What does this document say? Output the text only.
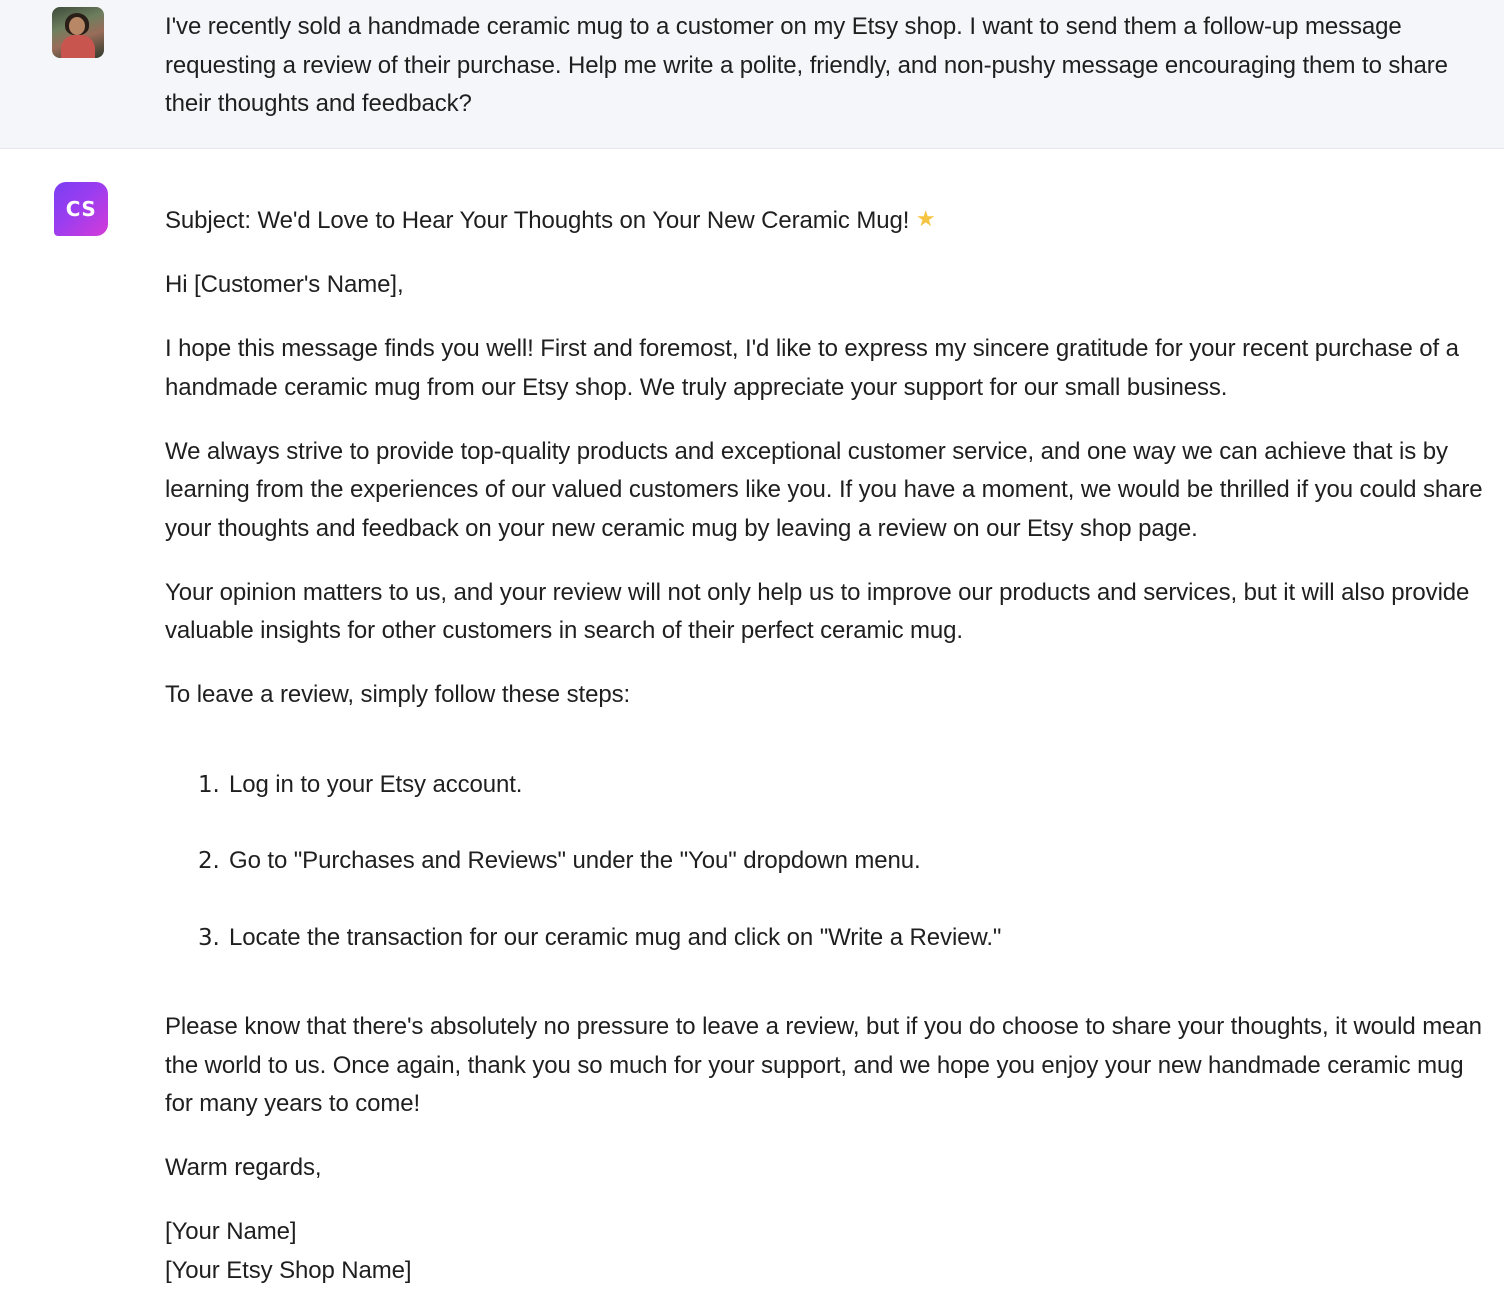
I've recently sold a handmade ceramic mug to a customer on my Etsy shop. I want to send them a follow-up message requesting a review of their purchase. Help me write a polite, friendly, and non-pushy message encouraging them to share their thoughts and feedback?

CS	Subject: We'd Love to Hear Your Thoughts on Your New Ceramic Mug! ★

Hi [Customer's Name],

I hope this message finds you well! First and foremost, I'd like to express my sincere gratitude for your recent purchase of a handmade ceramic mug from our Etsy shop. We truly appreciate your support for our small business.

We always strive to provide top-quality products and exceptional customer service, and one way we can achieve that is by learning from the experiences of our valued customers like you. If you have a moment, we would be thrilled if you could share your thoughts and feedback on your new ceramic mug by leaving a review on our Etsy shop page.

Your opinion matters to us, and your review will not only help us to improve our products and services, but it will also provide valuable insights for other customers in search of their perfect ceramic mug.

To leave a review, simply follow these steps:

1. Log in to your Etsy account.
2. Go to "Purchases and Reviews" under the "You" dropdown menu.
3. Locate the transaction for our ceramic mug and click on "Write a Review."

Please know that there's absolutely no pressure to leave a review, but if you do choose to share your thoughts, it would mean the world to us. Once again, thank you so much for your support, and we hope you enjoy your new handmade ceramic mug for many years to come!

Warm regards,

[Your Name]

[Your Etsy Shop Name]
